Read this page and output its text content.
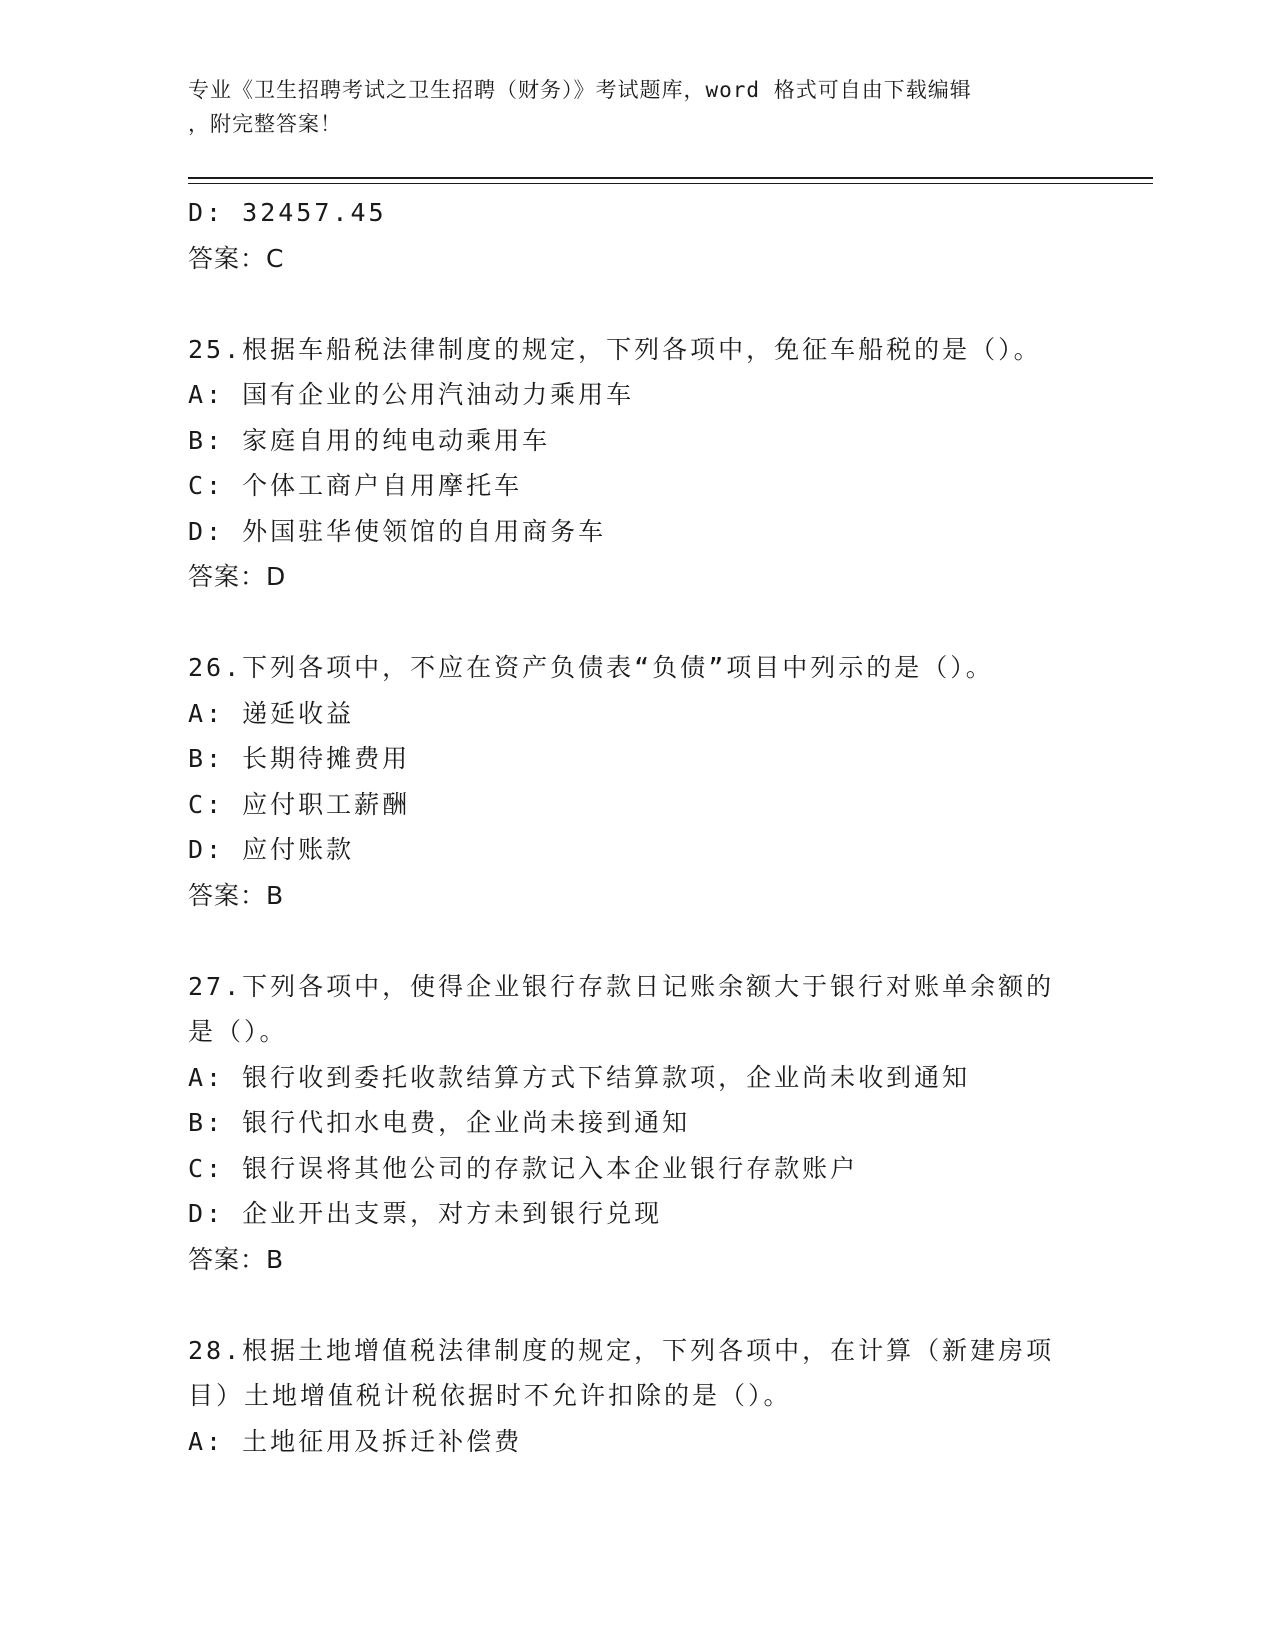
专业《卫生招聘考试之卫生招聘（财务）》考试题库，word 格式可自由下载编辑
，附完整答案！
D: 32457.45
答案：C
25.根据车船税法律制度的规定，下列各项中，免征车船税的是（）。
A: 国有企业的公用汽油动力乘用车
B: 家庭自用的纯电动乘用车
C: 个体工商户自用摩托车
D: 外国驻华使领馆的自用商务车
答案：D
26.下列各项中，不应在资产负债表“负债”项目中列示的是（）。
A: 递延收益
B: 长期待摊费用
C: 应付职工薪酬
D: 应付账款
答案：B
27.下列各项中，使得企业银行存款日记账余额大于银行对账单余额的
是（）。
A: 银行收到委托收款结算方式下结算款项，企业尚未收到通知
B: 银行代扣水电费，企业尚未接到通知
C: 银行误将其他公司的存款记入本企业银行存款账户
D: 企业开出支票，对方未到银行兑现
答案：B
28.根据土地增值税法律制度的规定，下列各项中，在计算（新建房项
目）土地增值税计税依据时不允许扣除的是（）。
A: 土地征用及拆迁补偿费
